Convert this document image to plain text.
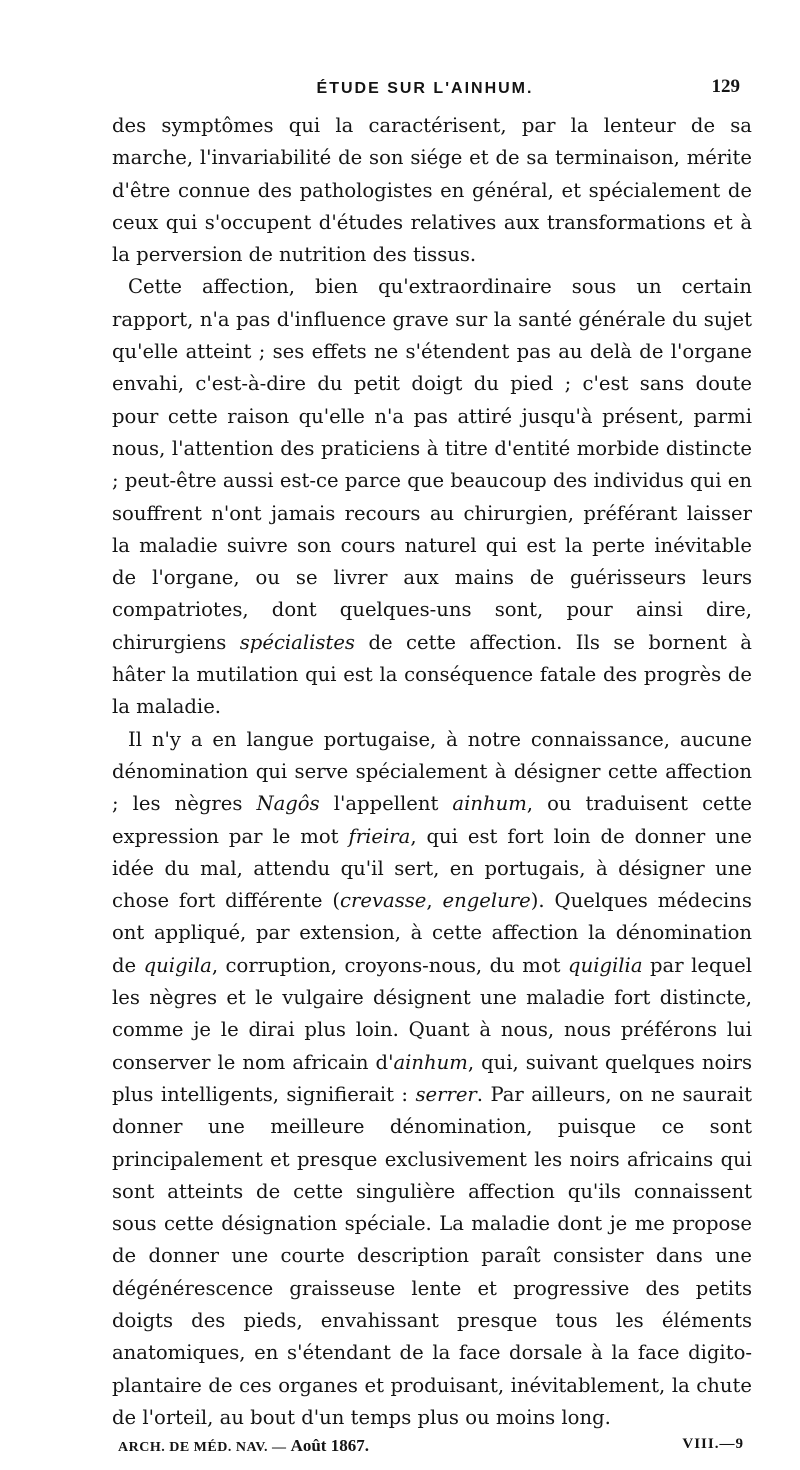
ÉTUDE SUR L'AINHUM.	129

des symptômes qui la caractérisent, par la lenteur de sa marche, l'invariabilité de son siége et de sa terminaison, mérite d'être connue des pathologistes en général, et spécialement de ceux qui s'occupent d'études relatives aux transformations et à la perversion de nutrition des tissus.

Cette affection, bien qu'extraordinaire sous un certain rapport, n'a pas d'influence grave sur la santé générale du sujet qu'elle atteint ; ses effets ne s'étendent pas au delà de l'organe envahi, c'est-à-dire du petit doigt du pied ; c'est sans doute pour cette raison qu'elle n'a pas attiré jusqu'à présent, parmi nous, l'attention des praticiens à titre d'entité morbide distincte ; peut-être aussi est-ce parce que beaucoup des individus qui en souffrent n'ont jamais recours au chirurgien, préférant laisser la maladie suivre son cours naturel qui est la perte inévitable de l'organe, ou se livrer aux mains de guérisseurs leurs compatriotes, dont quelques-uns sont, pour ainsi dire, chirurgiens spécialistes de cette affection. Ils se bornent à hâter la mutilation qui est la conséquence fatale des progrès de la maladie.

Il n'y a en langue portugaise, à notre connaissance, aucune dénomination qui serve spécialement à désigner cette affection ; les nègres Nagôs l'appellent ainhum, ou traduisent cette expression par le mot frieira, qui est fort loin de donner une idée du mal, attendu qu'il sert, en portugais, à désigner une chose fort différente (crevasse, engelure). Quelques médecins ont appliqué, par extension, à cette affection la dénomination de quigila, corruption, croyons-nous, du mot quigilia par lequel les nègres et le vulgaire désignent une maladie fort distincte, comme je le dirai plus loin. Quant à nous, nous préférons lui conserver le nom africain d'ainhum, qui, suivant quelques noirs plus intelligents, signifierait : serrer. Par ailleurs, on ne saurait donner une meilleure dénomination, puisque ce sont principalement et presque exclusivement les noirs africains qui sont atteints de cette singulière affection qu'ils connaissent sous cette désignation spéciale. La maladie dont je me propose de donner une courte description paraît consister dans une dégénérescence graisseuse lente et progressive des petits doigts des pieds, envahissant presque tous les éléments anatomiques, en s'étendant de la face dorsale à la face digito-plantaire de ces organes et produisant, inévitablement, la chute de l'orteil, au bout d'un temps plus ou moins long.

ARCH. DE MÉD. NAV. — Août 1867.	VIII.—9
